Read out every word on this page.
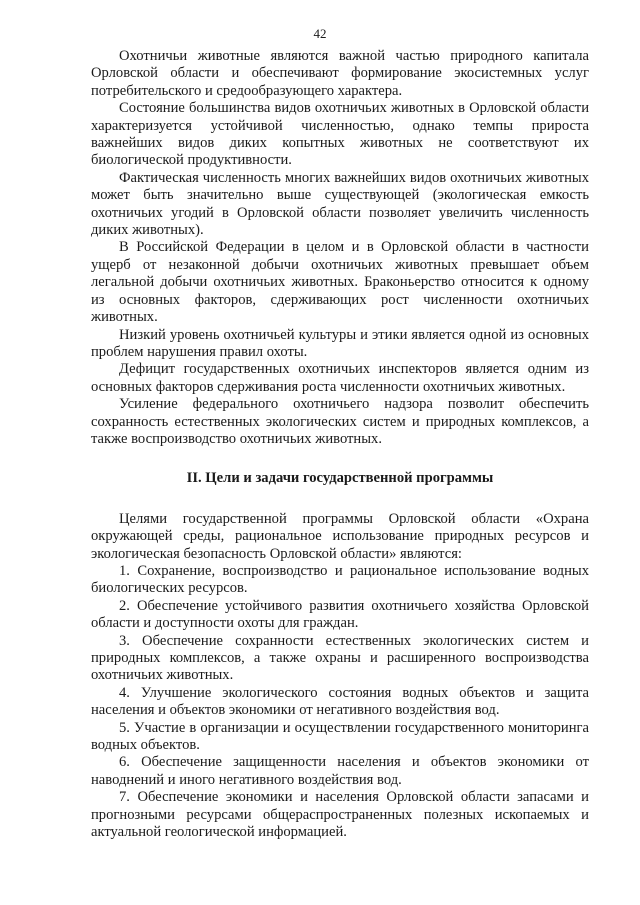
42

Охотничьи животные являются важной частью природного капитала Орловской области и обеспечивают формирование экосистемных услуг потребительского и средообразующего характера.

Состояние большинства видов охотничьих животных в Орловской области характеризуется устойчивой численностью, однако темпы прироста важнейших видов диких копытных животных не соответствуют их биологической продуктивности.

Фактическая численность многих важнейших видов охотничьих животных может быть значительно выше существующей (экологическая емкость охотничьих угодий в Орловской области позволяет увеличить численность диких животных).

В Российской Федерации в целом и в Орловской области в частности ущерб от незаконной добычи охотничьих животных превышает объем легальной добычи охотничьих животных. Браконьерство относится к одному из основных факторов, сдерживающих рост численности охотничьих животных.

Низкий уровень охотничьей культуры и этики является одной из основных проблем нарушения правил охоты.

Дефицит государственных охотничьих инспекторов является одним из основных факторов сдерживания роста численности охотничьих животных.

Усиление федерального охотничьего надзора позволит обеспечить сохранность естественных экологических систем и природных комплексов, а также воспроизводство охотничьих животных.

II. Цели и задачи государственной программы

Целями государственной программы Орловской области «Охрана окружающей среды, рациональное использование природных ресурсов и экологическая безопасность Орловской области» являются:

1. Сохранение, воспроизводство и рациональное использование водных биологических ресурсов.

2. Обеспечение устойчивого развития охотничьего хозяйства Орловской области и доступности охоты для граждан.

3. Обеспечение сохранности естественных экологических систем и природных комплексов, а также охраны и расширенного воспроизводства охотничьих животных.

4. Улучшение экологического состояния водных объектов и защита населения и объектов экономики от негативного воздействия вод.

5. Участие в организации и осуществлении государственного мониторинга водных объектов.

6. Обеспечение защищенности населения и объектов экономики от наводнений и иного негативного воздействия вод.

7. Обеспечение экономики и населения Орловской области запасами и прогнозными ресурсами общераспространенных полезных ископаемых и актуальной геологической информацией.
